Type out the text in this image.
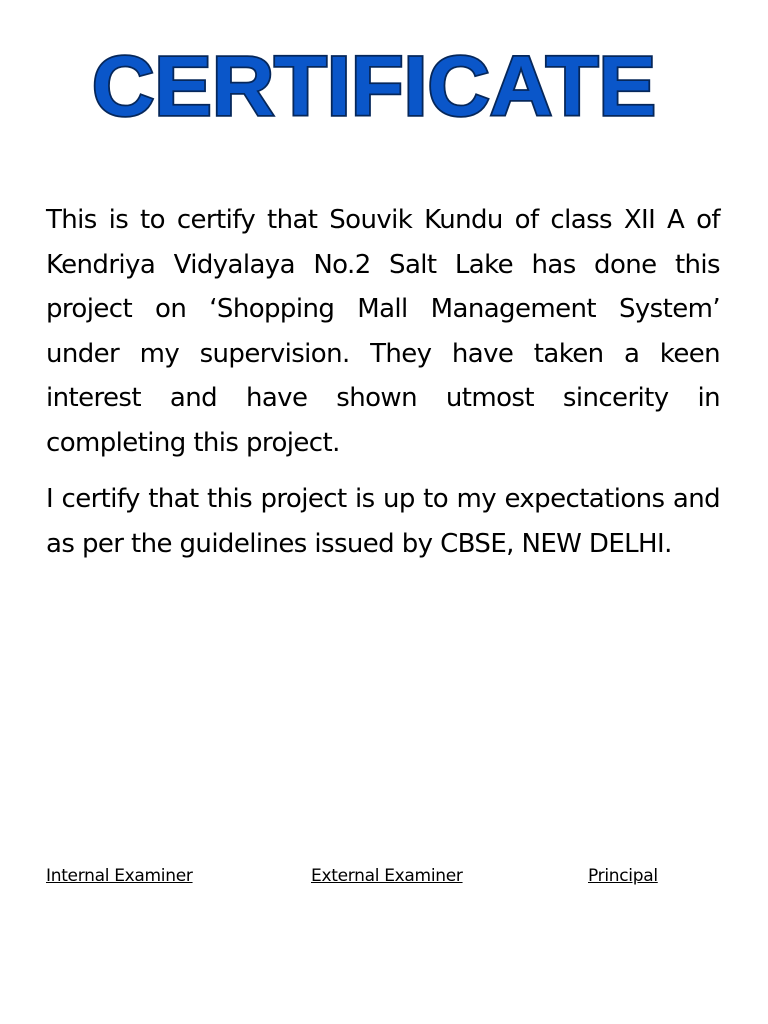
CERTIFICATE

This is to certify that Souvik Kundu of class XII A of Kendriya Vidyalaya No.2 Salt Lake has done this project on ‘Shopping Mall Management System’ under my supervision. They have taken a keen interest and have shown utmost sincerity in completing this project.

I certify that this project is up to my expectations and as per the guidelines issued by CBSE, NEW DELHI.

Internal Examiner	External Examiner	Principal
